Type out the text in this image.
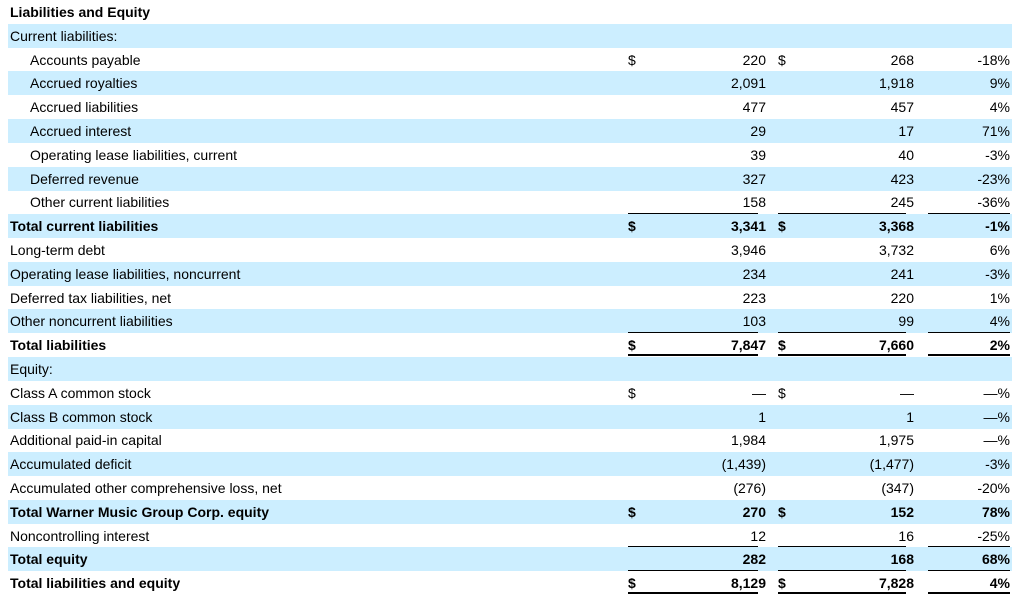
Liabilities and Equity
Current liabilities:
Accounts payable	$	220 $	268	-18%
Accrued royalties	2,091	1,918	9%
Accrued liabilities	477	457	4%
Accrued interest	29	17	71%
Operating lease liabilities, current	39	40	-3%
Deferred revenue	327	423	-23%
Other current liabilities	158	245	-36%
Total current liabilities	$	3,341 $	3,368	-1%
Long-term debt	3,946	3,732	6%
Operating lease liabilities, noncurrent	234	241	-3%
Deferred tax liabilities, net	223	220	1%
Other noncurrent liabilities	103	99	4%
Total liabilities	$	7,847 $	7,660	2%
Equity:
Class A common stock	$	— $	—	—%
Class B common stock	1	1	—%
Additional paid-in capital	1,984	1,975	—%
Accumulated deficit	(1,439)	(1,477)	-3%
Accumulated other comprehensive loss, net	(276)	(347)	-20%
Total Warner Music Group Corp. equity	$	270 $	152	78%
Noncontrolling interest	12	16	-25%
Total equity	282	168	68%
Total liabilities and equity	$	8,129 $	7,828	4%
